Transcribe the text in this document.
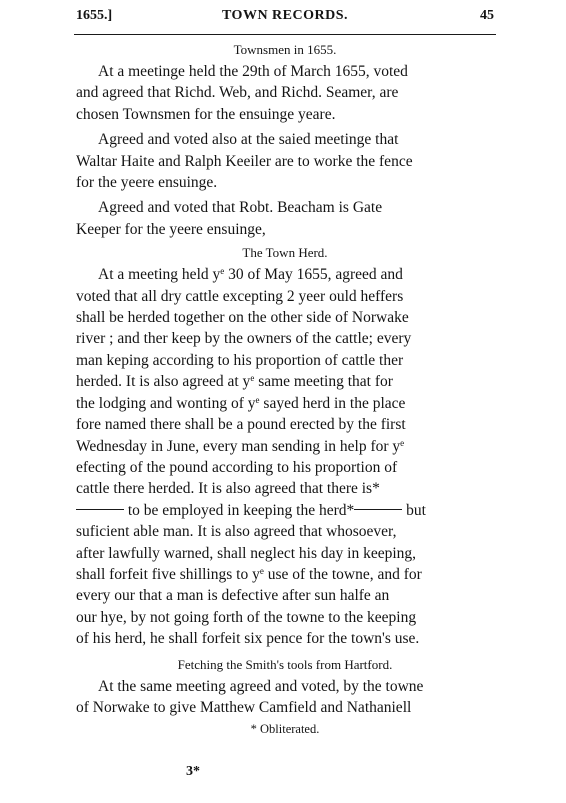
1655.]	TOWN RECORDS.	45
Townsmen in 1655.

At a meetinge held the 29th of March 1655, voted

and agreed that Richd. Web, and Richd. Seamer, are

chosen Townsmen for the ensuinge yeare.

Agreed and voted also at the saied meetinge that

Waltar Haite and Ralph Keeiler are to worke the fence

for the yeere ensuinge.

Agreed and voted that Robt. Beacham is Gate

Keeper for the yeere ensuinge,

The Town Herd.

At a meeting held $y^e$ 30 of May 1655, agreed and

voted that all dry cattle excepting 2 yeer ould heffers

shall be herded together on the other side of Norwake

river ; and ther keep by the owners of the cattle; every

man keping according to his proportion of cattle ther

herded. It is also agreed at $y^e$ same meeting that for

the lodging and wonting of $y^e$ sayed herd in the place

fore named there shall be a pound erected by the first

Wednesday in June, every man sending in help for $y^e$

efecting of the pound according to his proportion of

cattle there herded. It is also agreed that there is*

to be employed in keeping the herd*	but

suficient able man. It is also agreed that whosoever,

after lawfully warned, shall neglect his day in keeping,

shall forfeit five shillings to $y^e$ use of the towne, and for

every our that a man is defective after sun halfe an

our hye, by not going forth of the towne to the keeping

of his herd, he shall forfeit six pence for the town's use.

Fetching the Smith's tools from Hartford.

At the same meeting agreed and voted, by the towne

of Norwake to give Matthew Camfield and Nathaniell

* Obliterated.
3*
